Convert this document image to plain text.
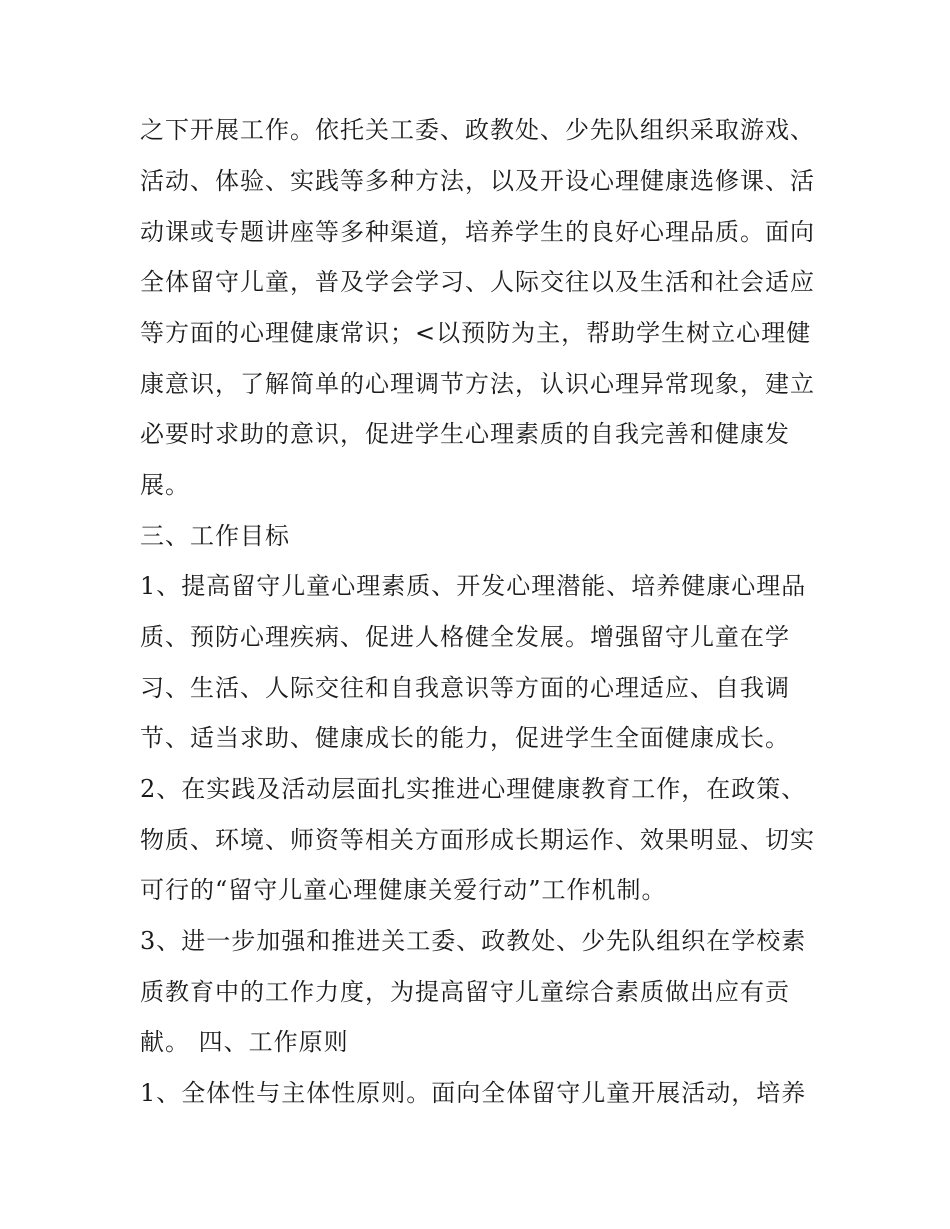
之下开展工作。依托关工委、政教处、少先队组织采取游戏、
活动、体验、实践等多种方法，以及开设心理健康选修课、活
动课或专题讲座等多种渠道，培养学生的良好心理品质。面向
全体留守儿童，普及学会学习、人际交往以及生活和社会适应
等方面的心理健康常识；<以预防为主，帮助学生树立心理健
康意识，了解简单的心理调节方法，认识心理异常现象，建立
必要时求助的意识，促进学生心理素质的自我完善和健康发
展。
三、工作目标
1、提高留守儿童心理素质、开发心理潜能、培养健康心理品
质、预防心理疾病、促进人格健全发展。增强留守儿童在学
习、生活、人际交往和自我意识等方面的心理适应、自我调
节、适当求助、健康成长的能力，促进学生全面健康成长。
2、在实践及活动层面扎实推进心理健康教育工作，在政策、
物质、环境、师资等相关方面形成长期运作、效果明显、切实
可行的“留守儿童心理健康关爱行动”工作机制。
3、进一步加强和推进关工委、政教处、少先队组织在学校素
质教育中的工作力度，为提高留守儿童综合素质做出应有贡
献。 四、工作原则
1、全体性与主体性原则。面向全体留守儿童开展活动，培养
